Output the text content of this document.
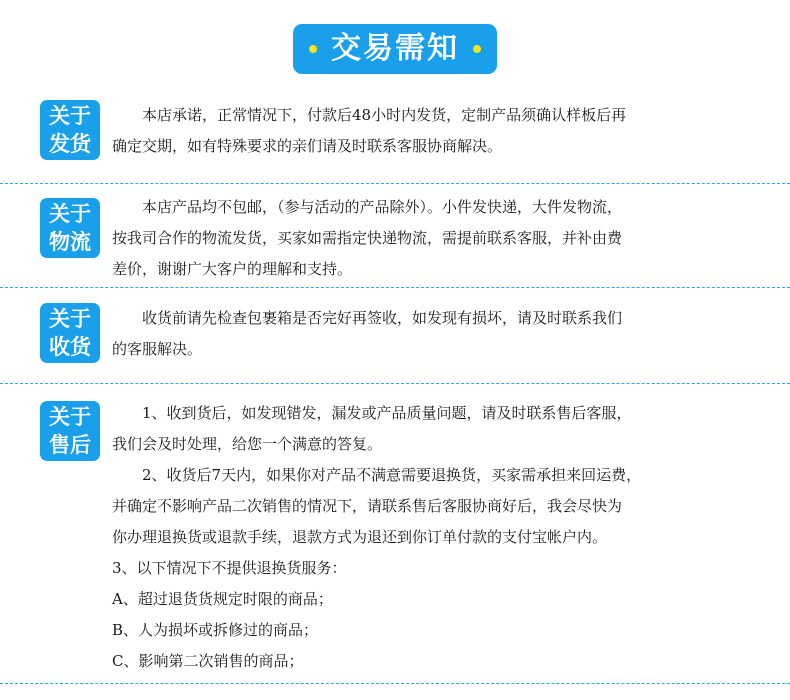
交易需知
关于
发货
本店承诺，正常情况下，付款后48小时内发货，定制产品须确认样板后再
确定交期，如有特殊要求的亲们请及时联系客服协商解决。
关于
物流
本店产品均不包邮，（参与活动的产品除外）。小件发快递，大件发物流，
按我司合作的物流发货，买家如需指定快递物流，需提前联系客服，并补由费
差价，谢谢广大客户的理解和支持。
关于
收货
收货前请先检查包裹箱是否完好再签收，如发现有损坏，请及时联系我们
的客服解决。
关于
售后
1、收到货后，如发现错发，漏发或产品质量问题，请及时联系售后客服，
我们会及时处理，给您一个满意的答复。
2、收货后7天内，如果你对产品不满意需要退换货，买家需承担来回运费，
并确定不影响产品二次销售的情况下，请联系售后客服协商好后，我会尽快为
你办理退换货或退款手续，退款方式为退还到你订单付款的支付宝帐户内。
3、以下情况下不提供退换货服务：
A、超过退货货规定时限的商品；
B、人为损坏或拆修过的商品；
C、影响第二次销售的商品；
